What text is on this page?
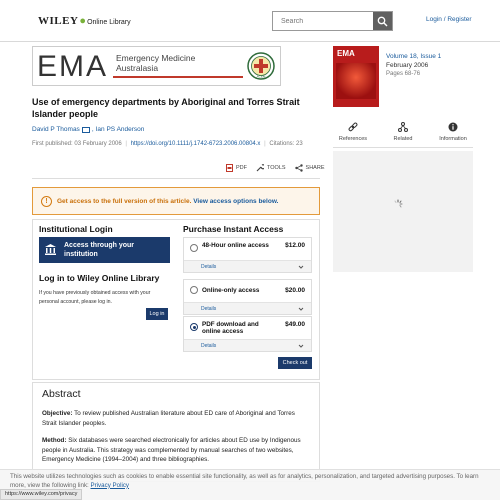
WILEY ● Online Library
Search	Login / Register
EMA Emergency Medicine
Australasia
ACEM
EMA	Volume 18, Issue 1
February 2006
Pages 68-76
Use of emergency departments by Aboriginal and Torres Strait Islander people
David P Thomas , Ian PS Anderson
First published: 03 February 2006 | https://doi.org/10.1111/j.1742-6723.2006.00804.x | Citations: 23
PDF	TOOLS	SHARE
References	Related	Information
!	Get access to the full version of this article. View access options below.
Institutional Login
Access through your institution
Log in to Wiley Online Library
If you have previously obtained access with your personal account, please log in.
Log in
Purchase Instant Access
48-Hour online access	$12.00
Details
Online-only access	$20.00
Details
PDF download and online access
$49.00
Details
Check out
Abstract
Objective: To review published Australian literature about ED care of Aboriginal and Torres Strait Islander peoples.
Method: Six databases were searched electronically for articles about ED use by Indigenous people in Australia. This strategy was complemented by manual searches of two websites, Emergency Medicine (1994–2004) and three bibliographies.
This website utilizes technologies such as cookies to enable essential site functionality, as well as for analytics, personalization, and targeted advertising purposes. To learn more, view the following link: Privacy Policy
https://www.wiley.com/privacy
